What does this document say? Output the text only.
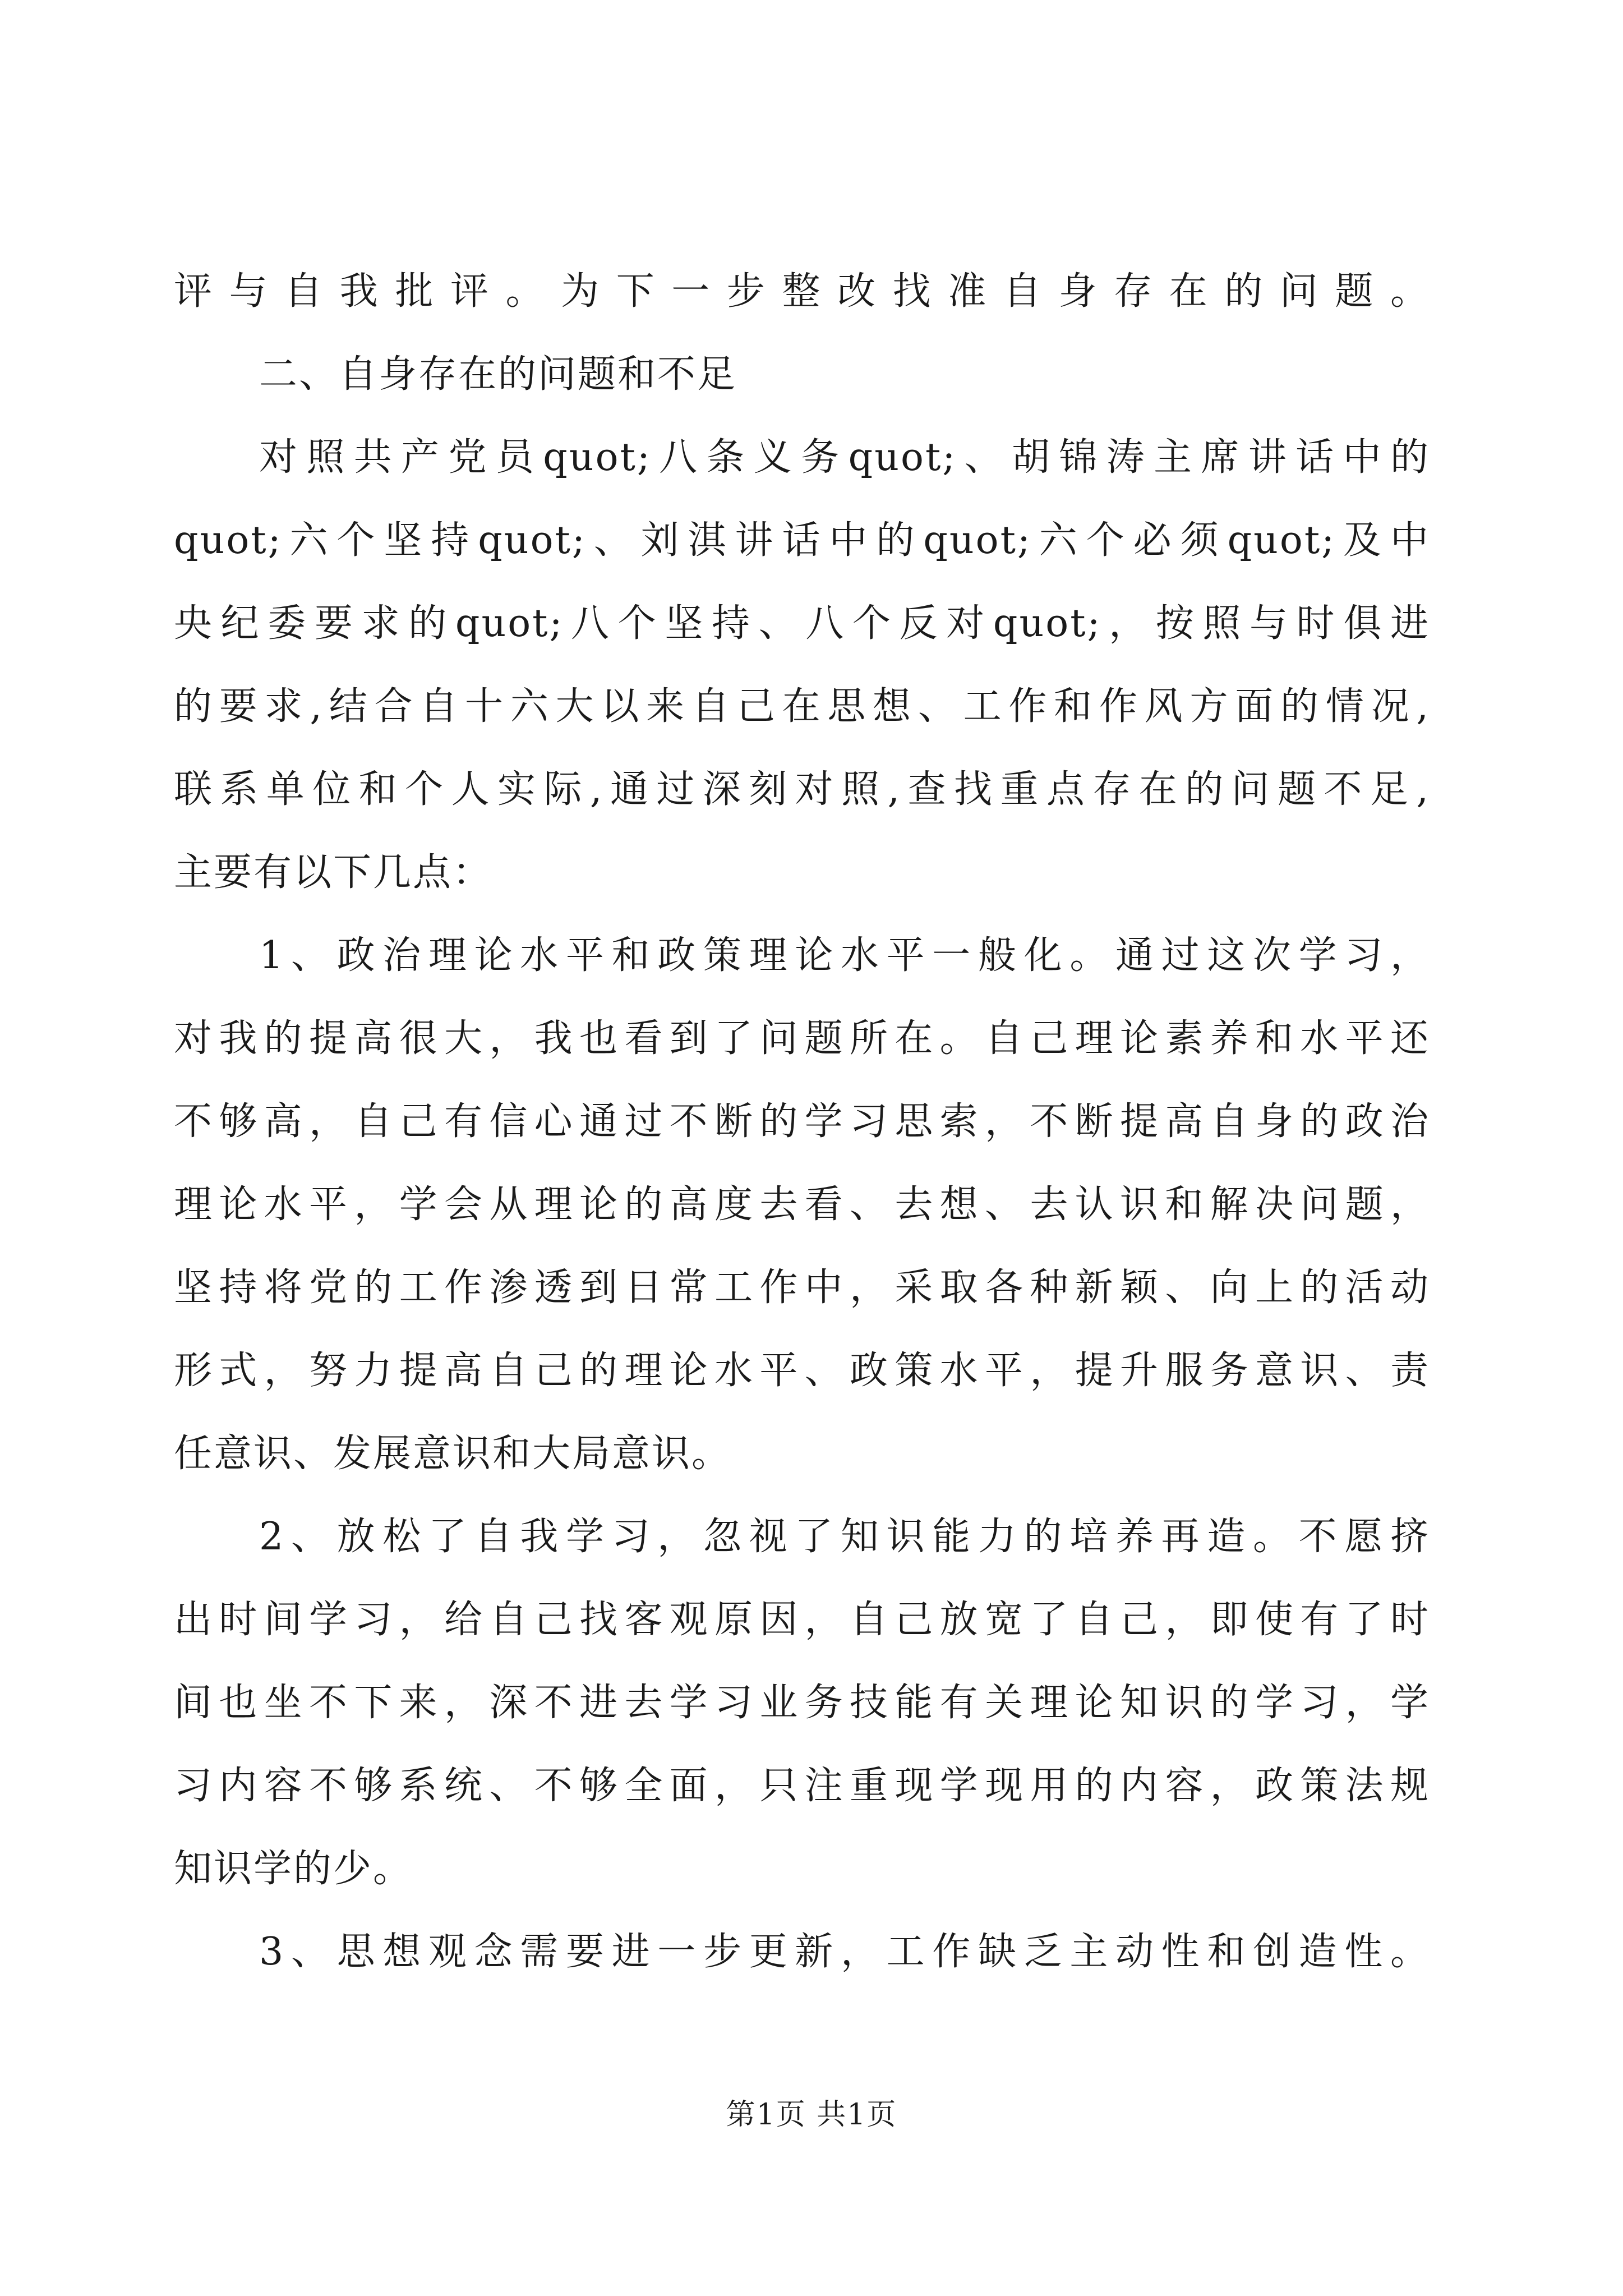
评与自我批评。为下一步整改找准自身存在的问题。
二、自身存在的问题和不足
对照共产党员quot;八条义务quot;、胡锦涛主席讲话中的
quot;六个坚持quot;、刘淇讲话中的quot;六个必须quot;及中
央纪委要求的quot;八个坚持、八个反对quot;，按照与时俱进
的要求,结合自十六大以来自己在思想、工作和作风方面的情况,
联系单位和个人实际,通过深刻对照,查找重点存在的问题不足,
主要有以下几点：
1、政治理论水平和政策理论水平一般化。通过这次学习，
对我的提高很大，我也看到了问题所在。自己理论素养和水平还
不够高，自己有信心通过不断的学习思索，不断提高自身的政治
理论水平，学会从理论的高度去看、去想、去认识和解决问题，
坚持将党的工作渗透到日常工作中，采取各种新颖、向上的活动
形式，努力提高自己的理论水平、政策水平，提升服务意识、责
任意识、发展意识和大局意识。
2、放松了自我学习，忽视了知识能力的培养再造。不愿挤
出时间学习，给自己找客观原因，自己放宽了自己，即使有了时
间也坐不下来，深不进去学习业务技能有关理论知识的学习，学
习内容不够系统、不够全面，只注重现学现用的内容，政策法规
知识学的少。
3、思想观念需要进一步更新，工作缺乏主动性和创造性。
第1页 共1页
